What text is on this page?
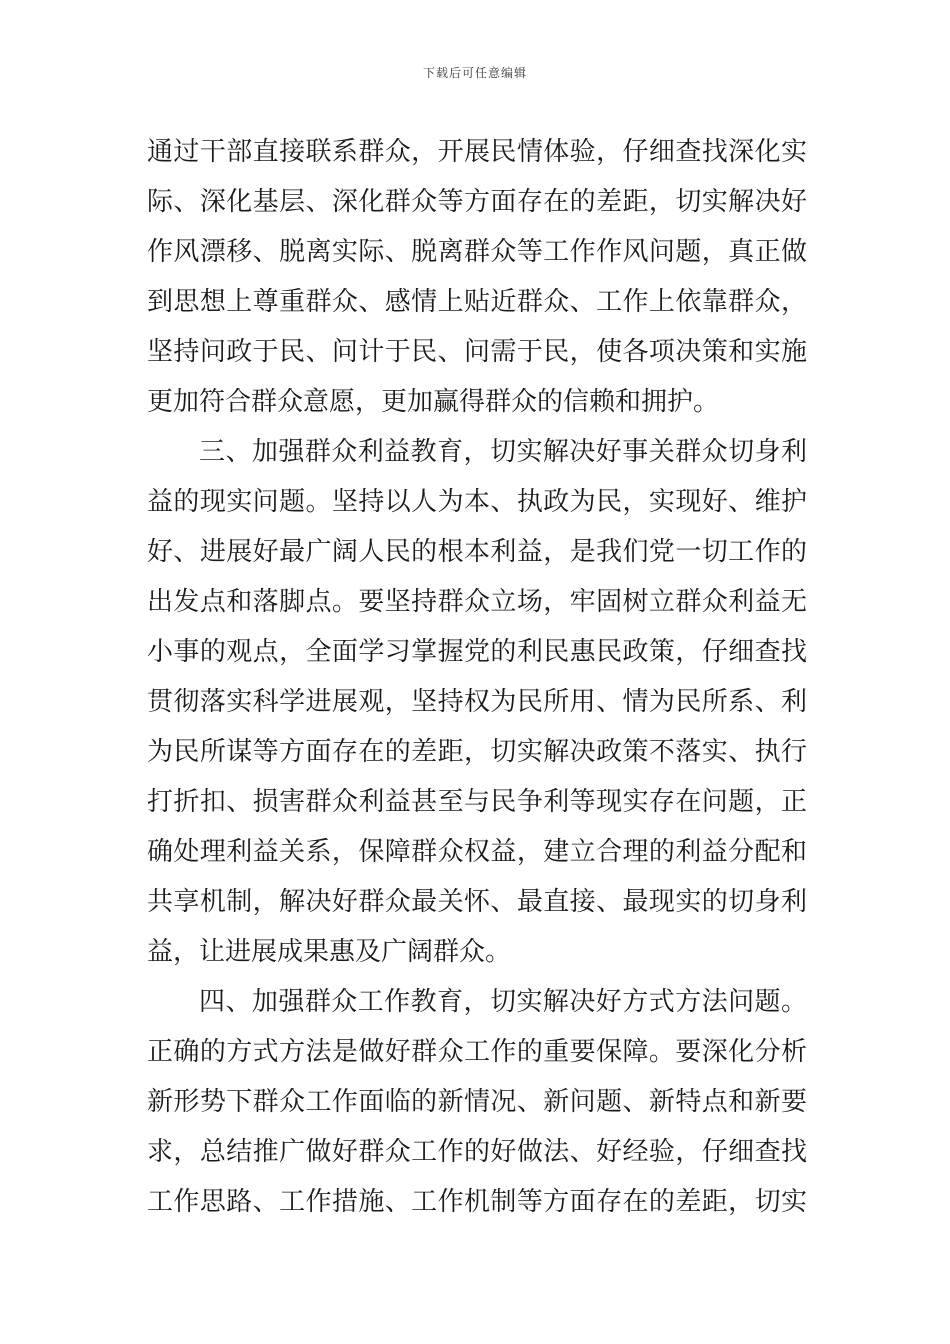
下载后可任意编辑
通过干部直接联系群众，开展民情体验，仔细查找深化实
际、深化基层、深化群众等方面存在的差距，切实解决好
作风漂移、脱离实际、脱离群众等工作作风问题，真正做
到思想上尊重群众、感情上贴近群众、工作上依靠群众，
坚持问政于民、问计于民、问需于民，使各项决策和实施
更加符合群众意愿，更加赢得群众的信赖和拥护。
三、加强群众利益教育，切实解决好事关群众切身利
益的现实问题。坚持以人为本、执政为民，实现好、维护
好、进展好最广阔人民的根本利益，是我们党一切工作的
出发点和落脚点。要坚持群众立场，牢固树立群众利益无
小事的观点，全面学习掌握党的利民惠民政策，仔细查找
贯彻落实科学进展观，坚持权为民所用、情为民所系、利
为民所谋等方面存在的差距，切实解决政策不落实、执行
打折扣、损害群众利益甚至与民争利等现实存在问题，正
确处理利益关系，保障群众权益，建立合理的利益分配和
共享机制，解决好群众最关怀、最直接、最现实的切身利
益，让进展成果惠及广阔群众。
四、加强群众工作教育，切实解决好方式方法问题。
正确的方式方法是做好群众工作的重要保障。要深化分析
新形势下群众工作面临的新情况、新问题、新特点和新要
求，总结推广做好群众工作的好做法、好经验，仔细查找
工作思路、工作措施、工作机制等方面存在的差距，切实
